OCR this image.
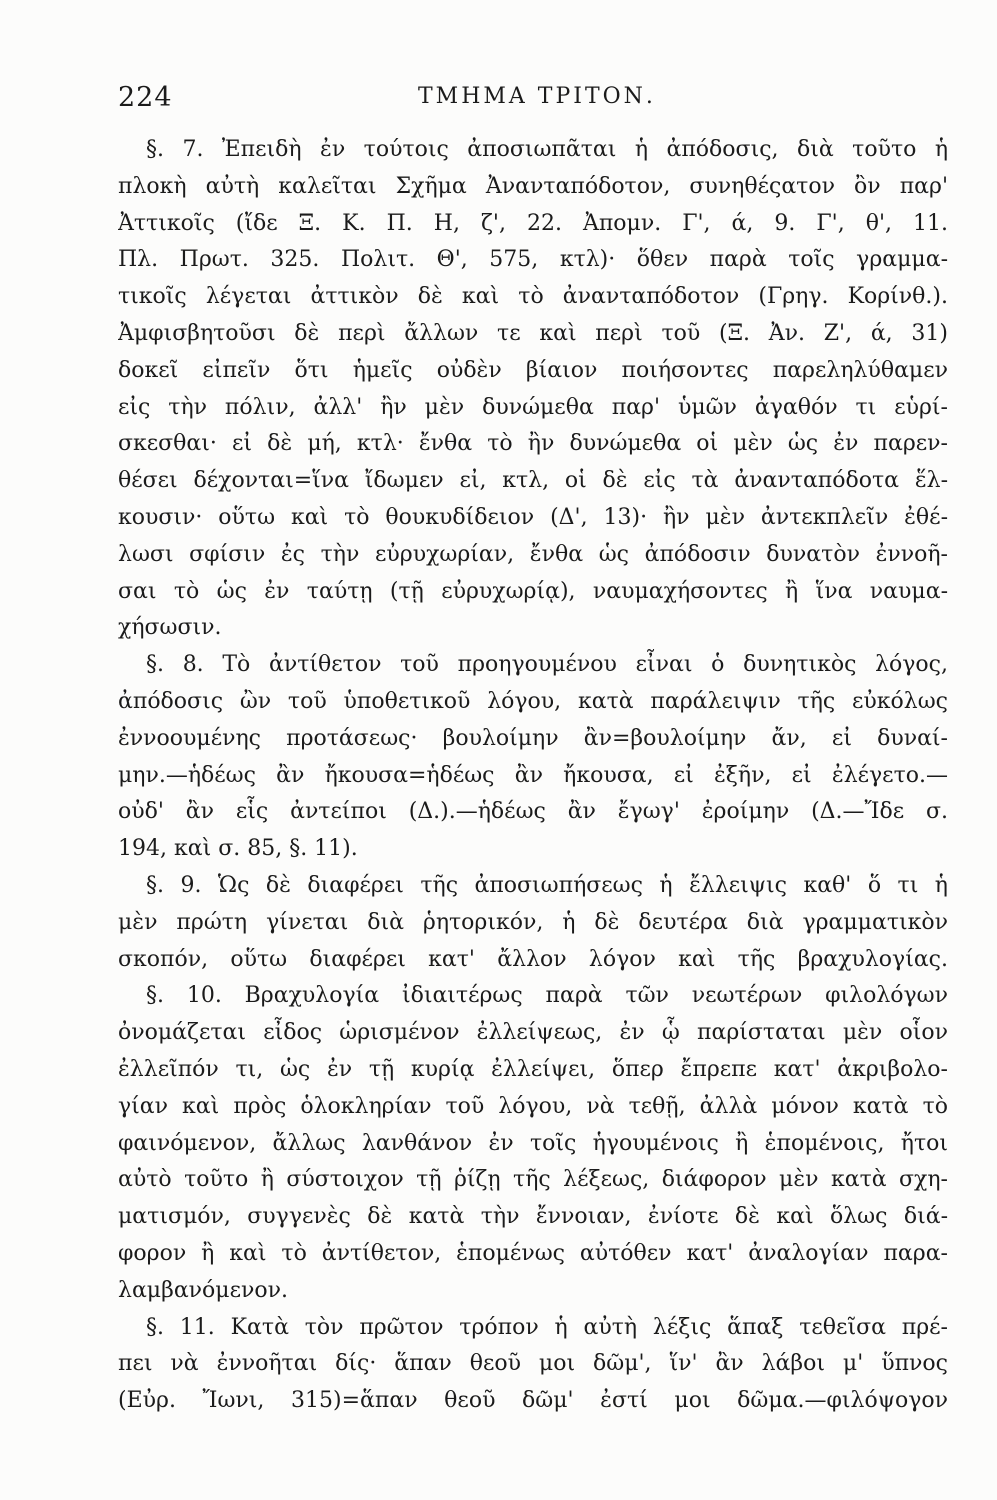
224	ΤΜΗΜΑ ΤΡΙΤΟΝ.
§. 7. Ἐπειδὴ ἐν τούτοις ἀποσιωπᾶται ἡ ἀπόδοσις, διὰ τοῦτο ἡ
πλοκὴ αὐτὴ καλεῖται Σχῆμα Ἀνανταπόδοτον, συνηθέςατον ὂν παρ'
Ἀττικοῖς (ἴδε Ξ. Κ. Π. Η, ζ', 22. Ἀπομν. Γ', ά, 9. Γ', θ', 11.
Πλ. Πρωτ. 325. Πολιτ. Θ', 575, κτλ)· ὅθεν παρὰ τοῖς γραμμα-
τικοῖς λέγεται ἀττικὸν δὲ καὶ τὸ ἀνανταπόδοτον (Γρηγ. Κορίνθ.).
Ἀμφισβητοῦσι δὲ περὶ ἄλλων τε καὶ περὶ τοῦ (Ξ. Ἀν. Ζ', ά, 31)
δοκεῖ εἰπεῖν ὅτι ἡμεῖς οὐδὲν βίαιον ποιήσοντες παρεληλύθαμεν
εἰς τὴν πόλιν, ἀλλ' ἢν μὲν δυνώμεθα παρ' ὑμῶν ἀγαθόν τι εὑρί-
σκεσθαι· εἰ δὲ μή, κτλ· ἔνθα τὸ ἢν δυνώμεθα οἱ μὲν ὡς ἐν παρεν-
θέσει δέχονται=ἵνα ἴδωμεν εἰ, κτλ, οἱ δὲ εἰς τὰ ἀνανταπόδοτα ἕλ-
κουσιν· οὕτω καὶ τὸ θουκυδίδειον (Δ', 13)· ἢν μὲν ἀντεκπλεῖν ἐθέ-
λωσι σφίσιν ἐς τὴν εὐρυχωρίαν, ἔνθα ὡς ἀπόδοσιν δυνατὸν ἐννοῆ-
σαι τὸ ὡς ἐν ταύτῃ (τῇ εὐρυχωρίᾳ), ναυμαχήσοντες ἢ ἵνα ναυμα-
χήσωσιν.
§. 8. Τὸ ἀντίθετον τοῦ προηγουμένου εἶναι ὁ δυνητικὸς λόγος,
ἀπόδοσις ὢν τοῦ ὑποθετικοῦ λόγου, κατὰ παράλειψιν τῆς εὐκόλως
ἐννοουμένης προτάσεως· βουλοίμην ἂν=βουλοίμην ἄν, εἰ δυναί-
μην.—ἡδέως ἂν ἤκουσα=ἡδέως ἂν ἤκουσα, εἰ ἐξῆν, εἰ ἐλέγετο.—
οὐδ' ἂν εἷς ἀντείποι (Δ.).—ἡδέως ἂν ἔγωγ' ἐροίμην (Δ.—Ἴδε σ.
194, καὶ σ. 85, §. 11).
§. 9. Ὡς δὲ διαφέρει τῆς ἀποσιωπήσεως ἡ ἔλλειψις καθ' ὅ τι ἡ
μὲν πρώτη γίνεται διὰ ῥητορικόν, ἡ δὲ δευτέρα διὰ γραμματικὸν
σκοπόν, οὕτω διαφέρει κατ' ἄλλον λόγον καὶ τῆς βραχυλογίας.
§. 10. Βραχυλογία ἰδιαιτέρως παρὰ τῶν νεωτέρων φιλολόγων
ὀνομάζεται εἶδος ὡρισμένον ἐλλείψεως, ἐν ᾧ παρίσταται μὲν οἷον
ἐλλεῖπόν τι, ὡς ἐν τῇ κυρίᾳ ἐλλείψει, ὅπερ ἔπρεπε κατ' ἀκριβολο-
γίαν καὶ πρὸς ὁλοκληρίαν τοῦ λόγου, νὰ τεθῇ, ἀλλὰ μόνον κατὰ τὸ
φαινόμενον, ἄλλως λανθάνον ἐν τοῖς ἡγουμένοις ἢ ἑπομένοις, ἤτοι
αὐτὸ τοῦτο ἢ σύστοιχον τῇ ῥίζῃ τῆς λέξεως, διάφορον μὲν κατὰ σχη-
ματισμόν, συγγενὲς δὲ κατὰ τὴν ἔννοιαν, ἐνίοτε δὲ καὶ ὅλως διά-
φορον ἢ καὶ τὸ ἀντίθετον, ἑπομένως αὐτόθεν κατ' ἀναλογίαν παρα-
λαμβανόμενον.
§. 11. Κατὰ τὸν πρῶτον τρόπον ἡ αὐτὴ λέξις ἅπαξ τεθεῖσα πρέ-
πει νὰ ἐννοῆται δίς· ἅπαν θεοῦ μοι δῶμ', ἵν' ἂν λάβοι μ' ὕπνος
(Εὐρ. Ἴωνι, 315)=ἅπαν θεοῦ δῶμ' ἐστί μοι δῶμα.—φιλόψογον
